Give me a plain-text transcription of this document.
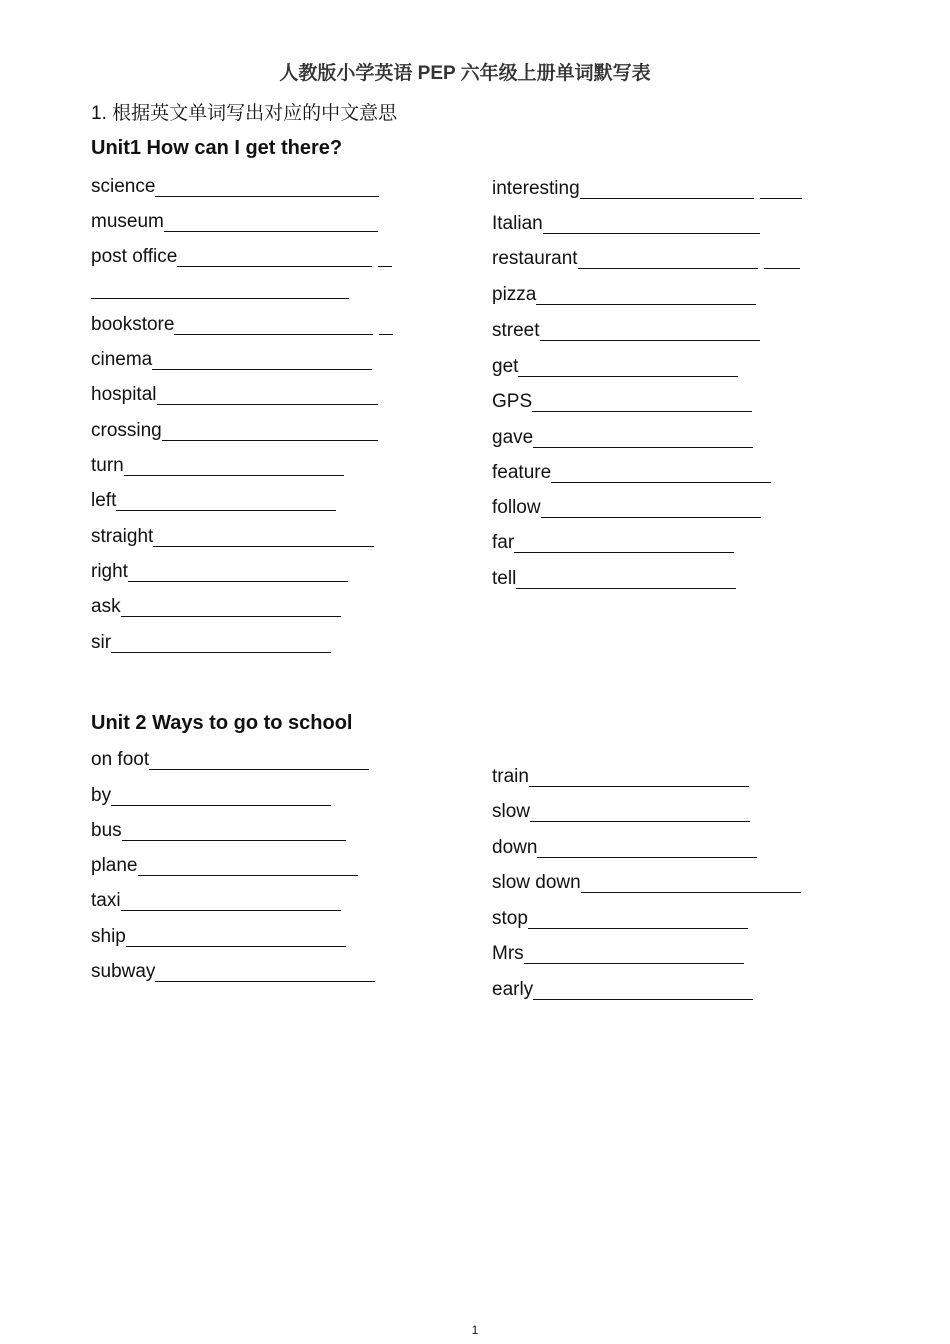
人教版小学英语 PEP 六年级上册单词默写表
1. 根据英文单词写出对应的中文意思
Unit1 How can I get there?
science
museum
post office
bookstore
cinema
hospital
crossing
turn
left
straight
right
ask
sir
interesting
Italian
restaurant
pizza
street
get
GPS
gave
feature
follow
far
tell
Unit 2 Ways to go to school
on foot
by
bus
plane
taxi
ship
subway
train
slow
down
slow down
stop
Mrs
early
1
